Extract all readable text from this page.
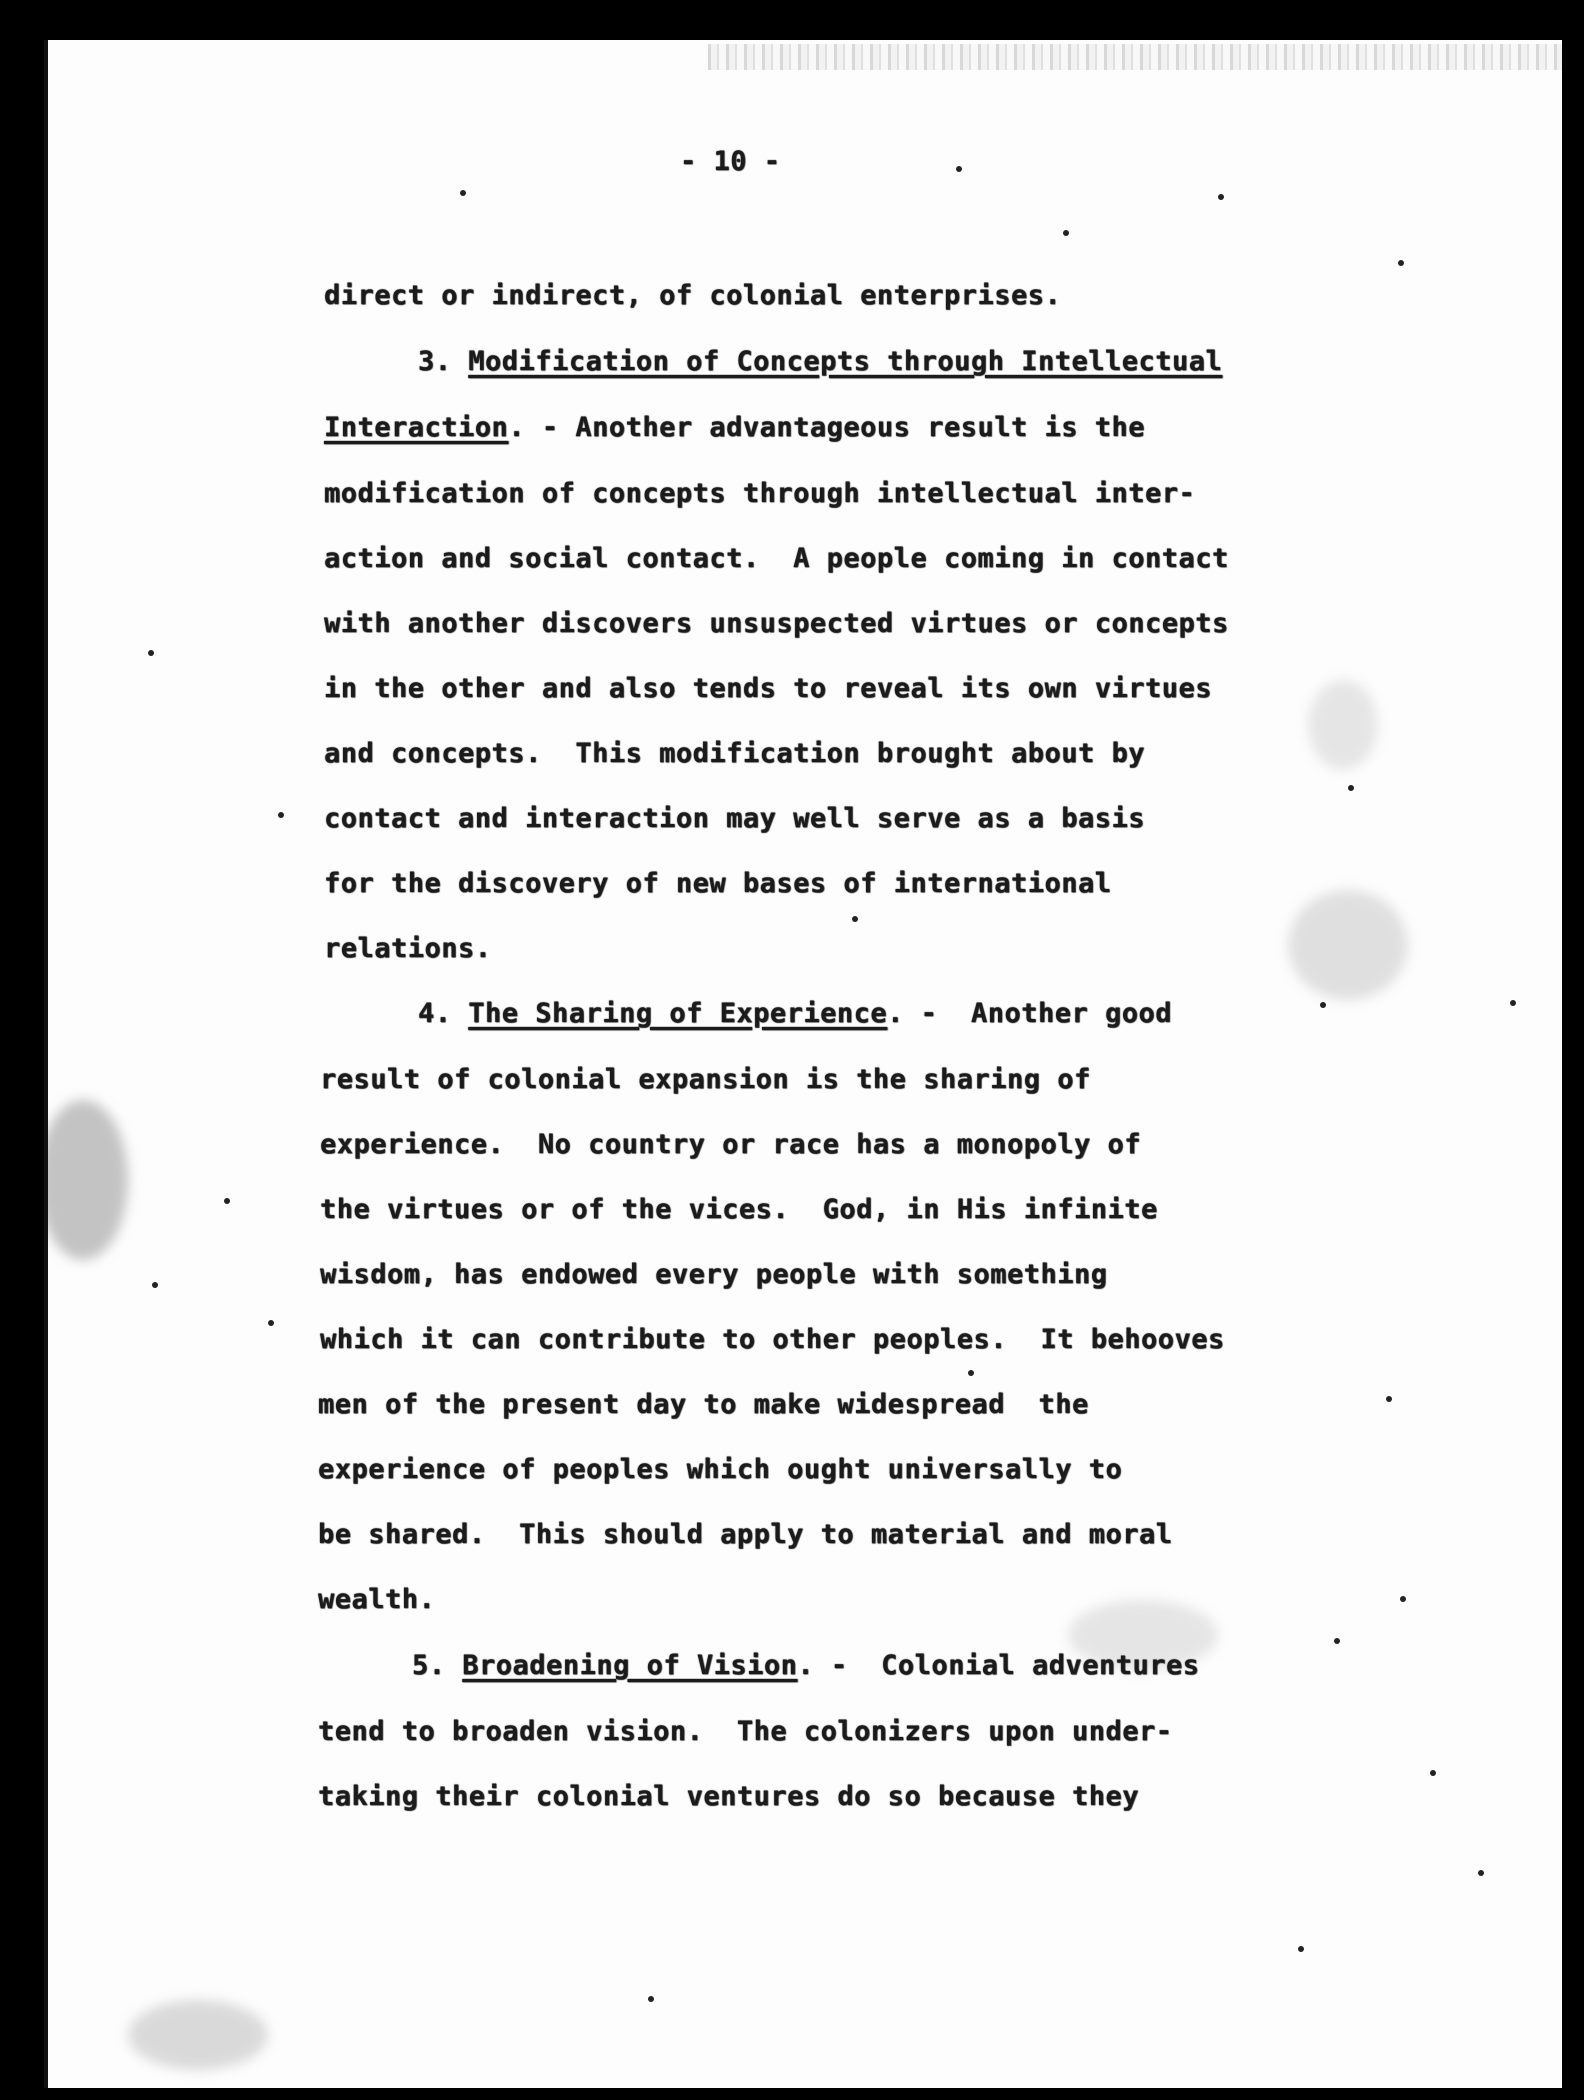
- 10 -
direct or indirect, of colonial enterprises.
3. Modification of Concepts through Intellectual
Interaction. - Another advantageous result is the
modification of concepts through intellectual inter-
action and social contact.  A people coming in contact
with another discovers unsuspected virtues or concepts
in the other and also tends to reveal its own virtues
and concepts.  This modification brought about by
contact and interaction may well serve as a basis
for the discovery of new bases of international
relations.
4. The Sharing of Experience. -  Another good
result of colonial expansion is the sharing of
experience.  No country or race has a monopoly of
the virtues or of the vices.  God, in His infinite
wisdom, has endowed every people with something
which it can contribute to other peoples.  It behooves
men of the present day to make widespread  the
experience of peoples which ought universally to
be shared.  This should apply to material and moral
wealth.
5. Broadening of Vision. -  Colonial adventures
tend to broaden vision.  The colonizers upon under-
taking their colonial ventures do so because they
